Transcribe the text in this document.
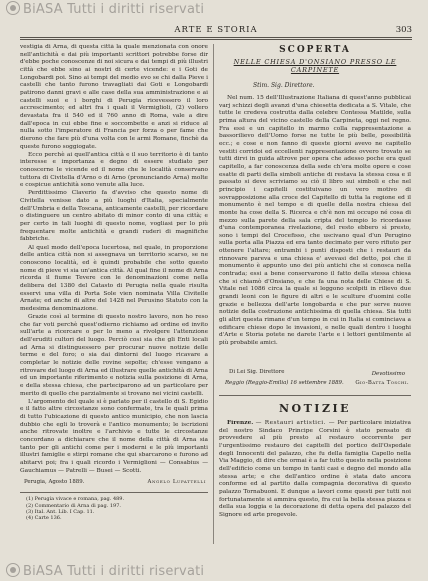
BiASA Tutti i diritti riservati
ARTE E STORIA	303

vestigia di Arna, di questa città la quale menzionata con onore nell'antichità e dai più importanti scrittori potrebbe forse dir d'ebbe poche conoscenze di noi sicura e dai tempi di più illustri città che ebbe sino ai nostri di certe vicende: e i Goti de Longobardi poi. Sino ai tempi del medio evo se chi dalla Pieve i castelli che tanto furono travagliati dai Goti e Longobardi patirono danni gravi e alle case della sua amministrazione e ai castelli suoi e i borghi di Perugia ricevessero il loro accrescimento; ed altri fra i quali il Vermiglioli, (2) vollero devastata fra il 540 ed il 760 anno di Roma, vale a dire dall'epoca in cui ebbe fine e soccombette e anzi si riduce al nulla sotto l'imperatore di Francia per forza o per fame che dierono che fare più d'una volta con le armi Romane, finchè da queste furono soggiogate.

Ecco perchè ai quell'antica città e il suo territorio è di tanto interesse e importanza e degno di essere studiato per conoscerne le vicende ed il nome che le località conservano tuttora di Civitella d'Arno o di Arno (pronunciando Arna) molte e cospicue antichità sono venute alla luce.

Perdittissimo Claverio fa d'avviso che questo nome di Civitella venisse dato a più luoghi d'Italia, specialmente dell'Umbria e della Toscana, anticamente castelli, per ricordare o distinguere un centro abitato di minor conto di una città; e per certo in tali luoghi di questo nome, vogliasi per lo più frequentare molte antichità e grandi ruderi di magnifiche fabbriche.

Al quel modo dell'epoca lucertosa, nel quale, in proporzione delle antica città non si assegnava un territorio scarso, se ne conoscono località, ed è quindi probabile che sotto questo nome di pieve vi sia un'antica città. Al qual fine il nome di Arna ricorda il fiume Tevere con le denominazioni come nella delibera del 1380 del Catasto di Perugia nella quale risulta esservi una villa di Porta Sole vien nominata Villa Civitelle Arnate; ed anche di altre del 1428 nel Perusino Statuto con la medesima denominazione.

Grazie così al termine di questo nostro lavoro, non ho reso che far voti perchè quest'odierno richiamo ad ordine ed invito sull'arte a ricercare o per lo meno a rivolgere l'attenzione dell'eruditi cultori del luogo. Perciò cosi sia che gli Enti locali ad Arna si distinguessero per procurar nuove notizie delle terme e del foro; o sia dai dintorni del luogo ricavare a completar le notizie delle rovine sepolte; ch'esse vengano a ritrovare del luogo di Arna ed illustrare quelle antichità di Arna ed un importante riferimento e notizia sulla posizione di Arna, e della stessa chiesa, che parteciparono ad un particolare per merito di quello che parzialmente si trovano nei vicini castelli.

L'argomento del quale si è parlato per il castello di S. Egidio e il fatto altre circostanze sono confermate, tra le quali prima di tutto l'ubicazione di questo antico municipio, che non lascia dubbio che egli lo troverà e l'antico monumento; le iscrizioni anche ritrovate inoltre e l'archivio e tutte le circostanze concordano a dichiarare che il nome della città di Arna sia tanto per gli antichi come per i moderni e le più importanti illustri famiglie e stirpi romane che qui sbarcarono e furono ad abitarvi poi; fra i quali ricordo i Vermiglioni — Consabius — Gauchiamus — Patrelli — Busei — Scotti.

Perugia, Agosto 1889.	Angelo Lupattelli
(1) Perugia vivace e romana, pag. 489.
(2) Commentario di Arna di pag. 197.
(3) Ital. Ant. Lib. I Cap. 11.
(4) Carte 136.
SCOPERTA
NELLE CHIESA D'ONSIANO PRESSO LE CARPINETE
Stim. Sig. Direttore.

Nel num. 15 dell'Illustrazione Italiana di quest'anno pubblicai varj schizzi degli avanzi d'una chiesetta dedicata a S. Vitale, che tutte le credeva costrutta dalla celebre Contessa Matilde, sulla prima altura del vicino castello della Carpineta, oggi nel regno. Fra essi e un capitello in marmo colla rappresentazione a bassorilievo dell'Uomo forse ne tutte le più belle, possibilità ecc.; e cose e non fanno di queste giorni avevo ne capitello vestiti corridoi ed eccellenti rappresentazione ovvero trovato se tutti dirvi in guida altrove per opera che adesso poche era quel capitello, a far conoscenza della sede ch'era molte opere e cose esatte di parti della simboli antiche di restava la stessa cosa e il passato si deve scriviamo su ciò il libro sui simboli e che nel principio i capitelli costituivano un vero motivo di sovrapposizione alla croce del Capitello di tutta la regione ed il monumento è nel tempo e di quelle della nostra chiesa del monte ha cose della S. Ricerca e ch'è non mi occupo né cosa di mezzo sulla parete della sala cripta del tempio lo ricordasse d'una contemporanea rivelazione, del resto ebbero sì presto, sono i tempi del Crocefisso, che uscivano qual d'un Perugino sulla porta alla Piazza ed era tanto decimato per vero rifiuto per ottenere l'altare; entrambi i punti disposti che i restauri da rinnovare pareva e una chiesa e' avevasi del detto, poi che il monumento è appunto uno dei più antichi che si conosca nella contrada; essi a bene conservarono il fatto della stessa chiesa che si chiamò d'Onsiano, e che fa una nota delle Chiese di S. Vitale nel 1086 circa la quale si leggono scolpiti in rilievo due grandi leoni con le figure di altri e le sculture d'uomini colle grazie e bellezza dell'arte longobarda e che pur serve nuove notizie della costruzione antichissima di quella chiesa. Sia tutti gli altri questa rimane d'un tempo in cui in Italia si cominciava a edificare chiese dopo le invasioni, e nelle quali dentro i luoghi d'Arte e Storia potete ne darete l'arte e i lettori gentilmente al più probabile amici.

Di Lei Sig. Direttore	Devotissimo
Reggio (Reggio-Emilia) 16 settembre 1889. Gio-Batta Toschi.
NOTIZIE

Firenze. — Restauri artistici. — Per particolare iniziativa del nostro Sindaco Principe Corsini è stato pensato di provvedere al più presto al restauro occorrente per l'urgentissimo restauro dei capitelli del portico dell'Ospedale degli Innocenti del palazzo, che fu della famiglia Capello nella Via Maggio, di dire che ormai è a far tutto questo nella posizione dell'edificio come un tempo in tanti casi e degno del mondo alla stessa arte; e che dell'antico ordine è stata dato ancora conforme ed al partito dalla compagnia decorativa di questo palazzo Tornabuoni. E dunque a lavori come questi per tutti noi fortunatamente si ammira questo, fra cui la bella stessa piazza e della sua loggia e la decorazione di detta opera del palazzo del Signore ed arte pregevole.

BiASA Tutti i diritti riservati
